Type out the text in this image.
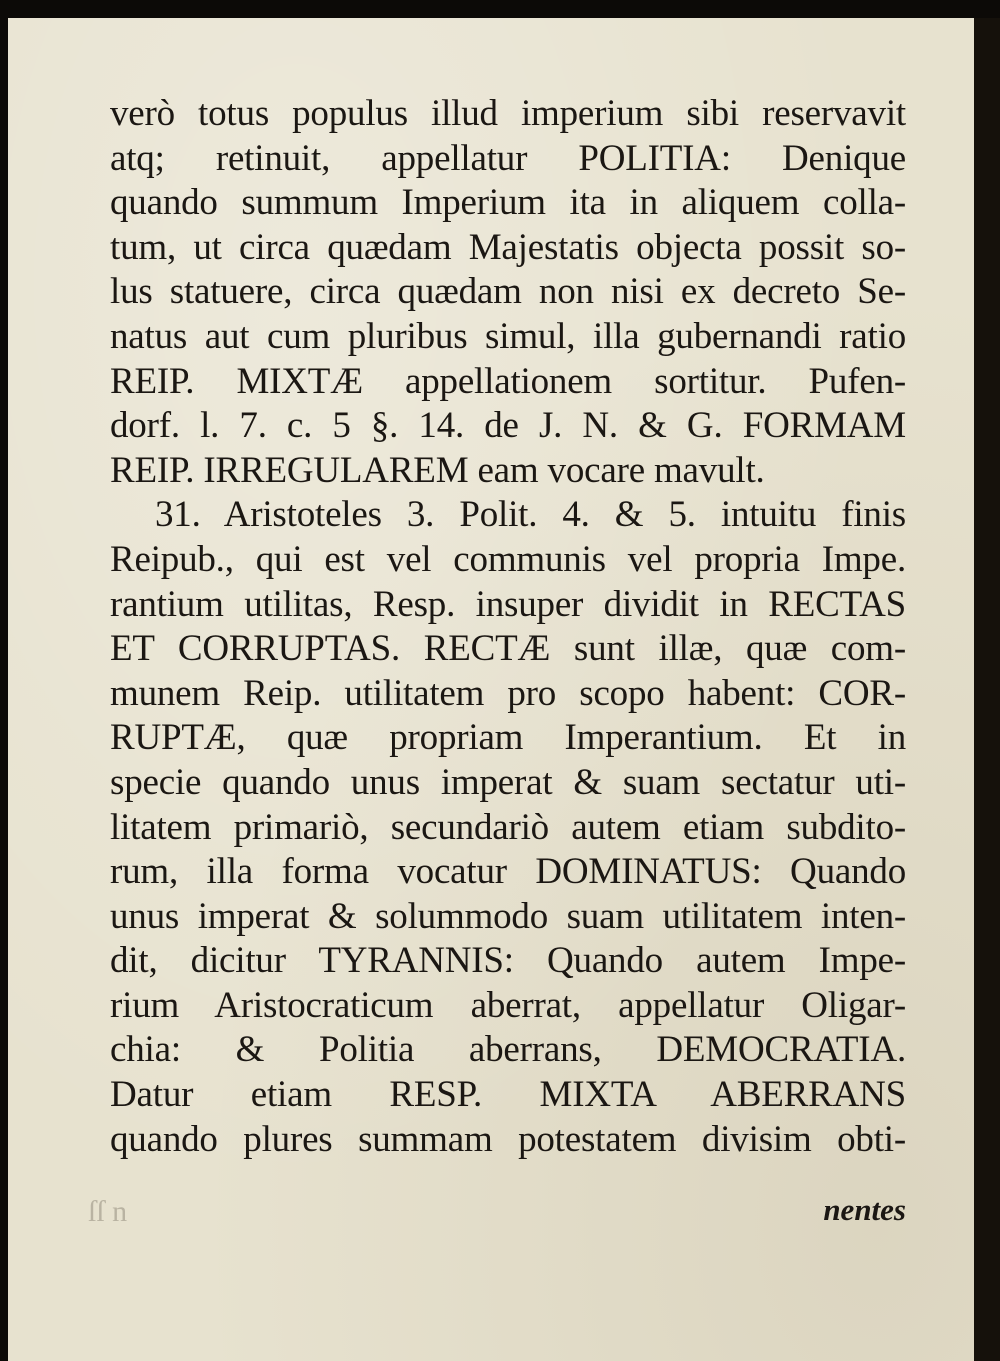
verò totus populus illud imperium sibi reservavit
atq; retinuit, appellatur POLITIA: Denique
quando summum Imperium ita in aliquem colla-
tum, ut circa quædam Majestatis objecta possit so-
lus statuere, circa quædam non nisi ex decreto Se-
natus aut cum pluribus simul, illa gubernandi ratio
REIP. MIXTÆ appellationem sortitur. Pufen-
dorf. l. 7. c. 5 §. 14. de J. N. & G. FORMAM
REIP. IRREGULAREM eam vocare mavult.
31. Aristoteles 3. Polit. 4. & 5. intuitu finis
Reipub., qui est vel communis vel propria Impe.
rantium utilitas, Resp. insuper dividit in RECTAS
ET CORRUPTAS. RECTÆ sunt illæ, quæ com-
munem Reip. utilitatem pro scopo habent: COR-
RUPTÆ, quæ propriam Imperantium. Et in
specie quando unus imperat & suam sectatur uti-
litatem primariò, secundariò autem etiam subdito-
rum, illa forma vocatur DOMINATUS: Quando
unus imperat & solummodo suam utilitatem inten-
dit, dicitur TYRANNIS: Quando autem Impe-
rium Aristocraticum aberrat, appellatur Oligar-
chia: & Politia aberrans, DEMOCRATIA.
Datur etiam RESP. MIXTA ABERRANS
quando plures summam potestatem divisim obti-
ſſ n	nentes
